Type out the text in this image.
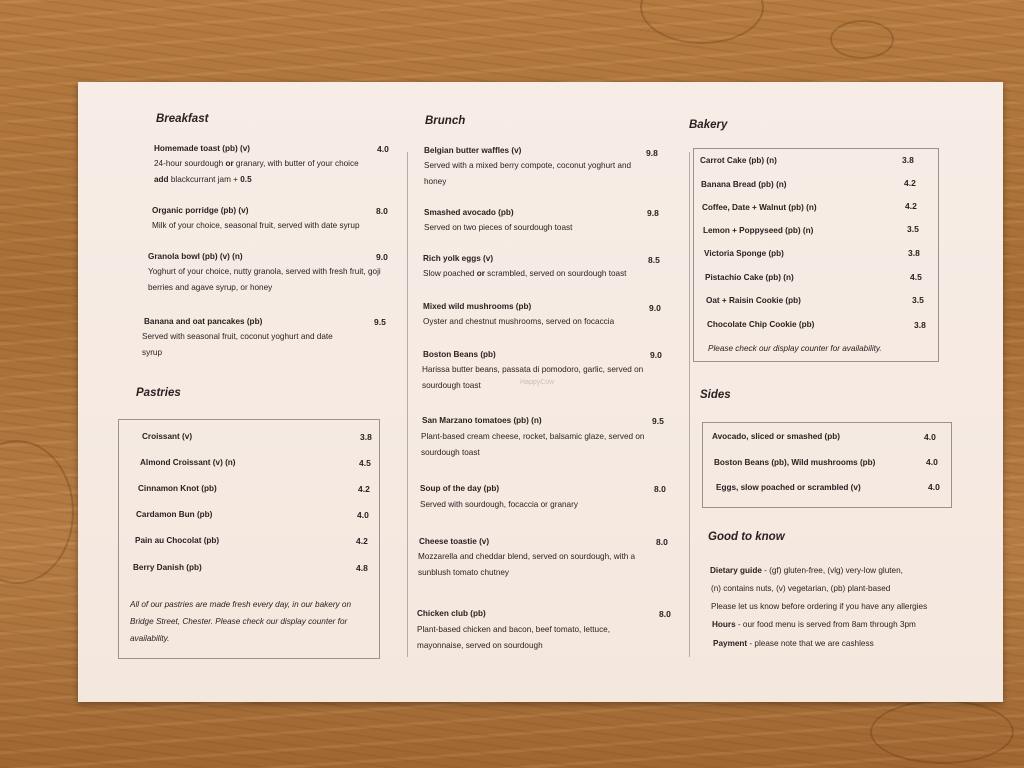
Breakfast
Homemade toast (pb) (v)	4.0
24-hour sourdough or granary, with butter of your choice
add blackcurrant jam + 0.5
Organic porridge (pb) (v)	8.0
Milk of your choice, seasonal fruit, served with date syrup
Granola bowl (pb) (v) (n)	9.0
Yoghurt of your choice, nutty granola, served with fresh fruit, goji berries and agave syrup, or honey
Banana and oat pancakes (pb)	9.5
Served with seasonal fruit, coconut yoghurt and date syrup
Pastries
Croissant (v)	3.8
Almond Croissant (v) (n)	4.5
Cinnamon Knot (pb)	4.2
Cardamon Bun (pb)	4.0
Pain au Chocolat (pb)	4.2
Berry Danish (pb)	4.8
All of our pastries are made fresh every day, in our bakery on Bridge Street, Chester. Please check our display counter for availability.
Brunch
Belgian butter waffles (v)	9.8
Served with a mixed berry compote, coconut yoghurt and honey
Smashed avocado (pb)	9.8
Served on two pieces of sourdough toast
Rich yolk eggs (v)	8.5
Slow poached or scrambled, served on sourdough toast
Mixed wild mushrooms (pb)	9.0
Oyster and chestnut mushrooms, served on focaccia
Boston Beans (pb)	9.0
Harissa butter beans, passata di pomodoro, garlic, served on sourdough toast
San Marzano tomatoes (pb) (n)	9.5
Plant-based cream cheese, rocket, balsamic glaze, served on sourdough toast
Soup of the day (pb)	8.0
Served with sourdough, focaccia or granary
Cheese toastie (v)	8.0
Mozzarella and cheddar blend, served on sourdough, with a sunblush tomato chutney
Chicken club (pb)	8.0
Plant-based chicken and bacon, beef tomato, lettuce, mayonnaise, served on sourdough
Bakery
Carrot Cake (pb) (n)	3.8
Banana Bread (pb) (n)	4.2
Coffee, Date + Walnut (pb) (n)	4.2
Lemon + Poppyseed (pb) (n)	3.5
Victoria Sponge (pb)	3.8
Pistachio Cake (pb) (n)	4.5
Oat + Raisin Cookie (pb)	3.5
Chocolate Chip Cookie (pb)	3.8
Please check our display counter for availability.
Sides
Avocado, sliced or smashed (pb)	4.0
Boston Beans (pb), Wild mushrooms (pb)	4.0
Eggs, slow poached or scrambled (v)	4.0
Good to know
Dietary guide - (gf) gluten-free, (vlg) very-low gluten,
(n) contains nuts, (v) vegetarian, (pb) plant-based
Please let us know before ordering if you have any allergies
Hours - our food menu is served from 8am through 3pm
Payment - please note that we are cashless
HappyCow
